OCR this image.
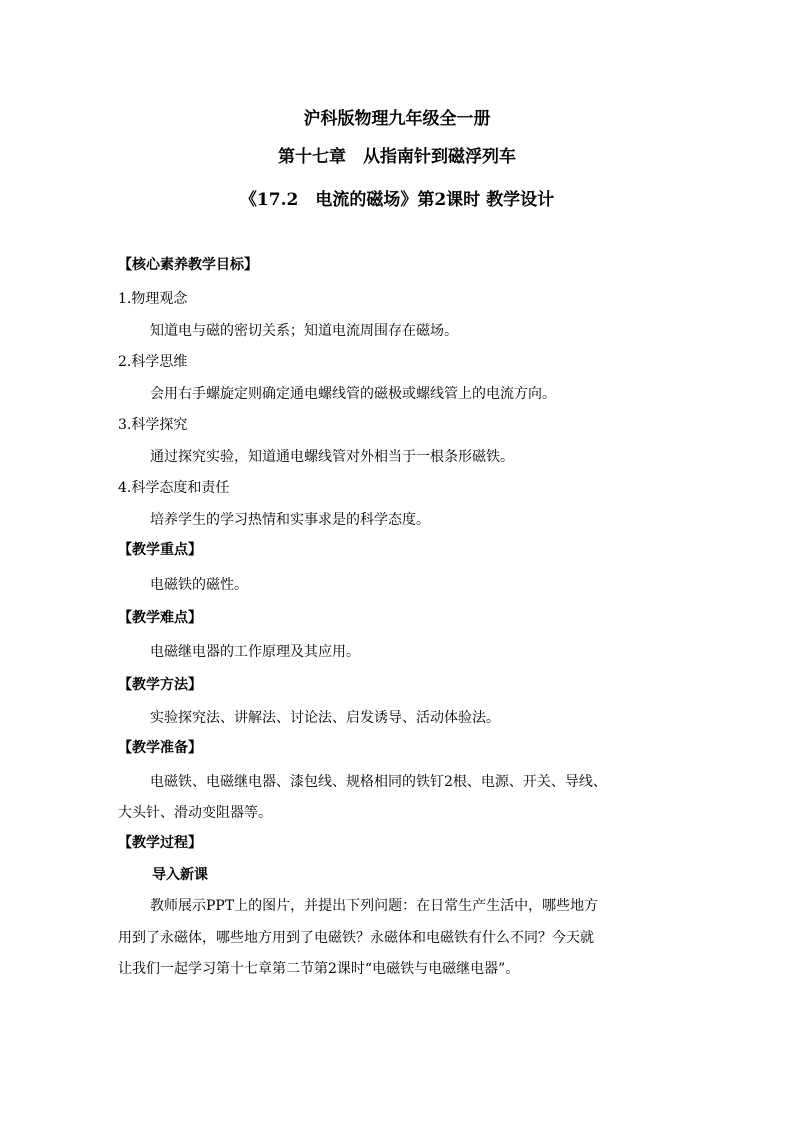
沪科版物理九年级全一册
第十七章　从指南针到磁浮列车
《17.2　电流的磁场》第2课时 教学设计
【核心素养教学目标】
1.物理观念
知道电与磁的密切关系；知道电流周围存在磁场。
2.科学思维
会用右手螺旋定则确定通电螺线管的磁极或螺线管上的电流方向。
3.科学探究
通过探究实验，知道通电螺线管对外相当于一根条形磁铁。
4.科学态度和责任
培养学生的学习热情和实事求是的科学态度。
【教学重点】
电磁铁的磁性。
【教学难点】
电磁继电器的工作原理及其应用。
【教学方法】
实验探究法、讲解法、讨论法、启发诱导、活动体验法。
【教学准备】
电磁铁、电磁继电器、漆包线、规格相同的铁钉2根、电源、开关、导线、
大头针、滑动变阻器等。
【教学过程】
导入新课
教师展示PPT上的图片，并提出下列问题：在日常生产生活中，哪些地方
用到了永磁体，哪些地方用到了电磁铁？永磁体和电磁铁有什么不同？今天就
让我们一起学习第十七章第二节第2课时“电磁铁与电磁继电器”。
